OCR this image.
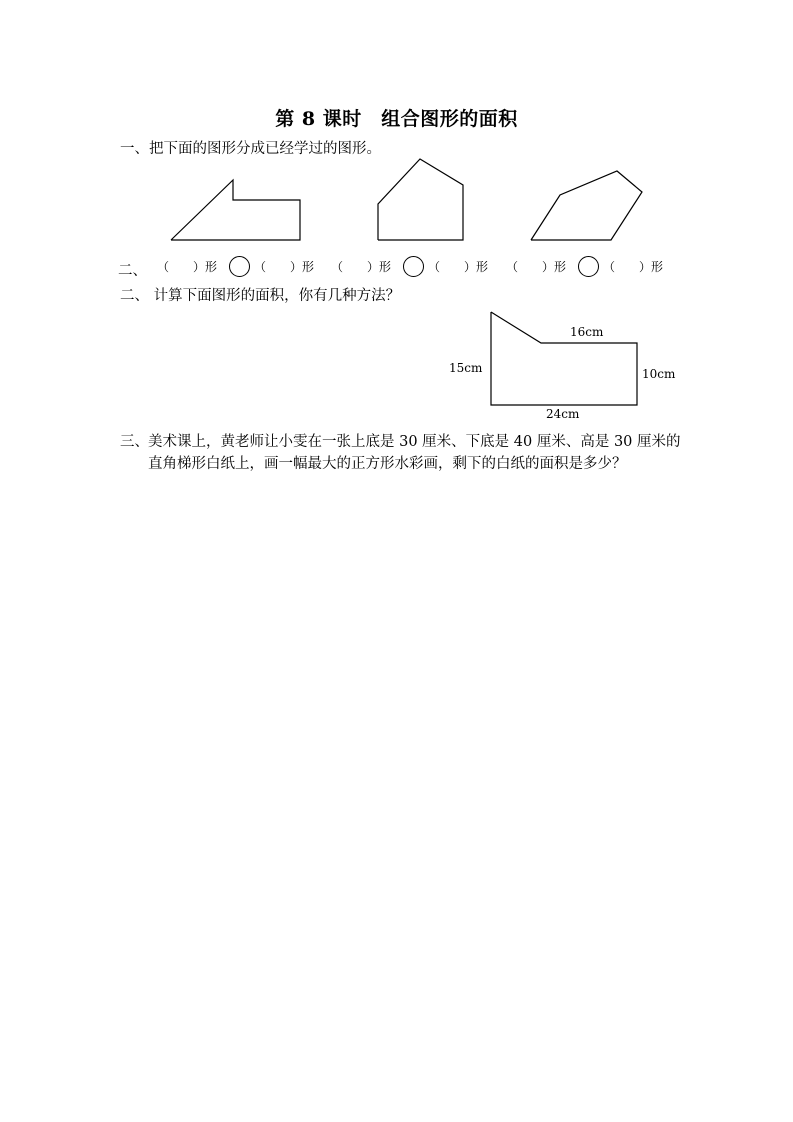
第 8 课时　组合图形的面积
一、把下面的图形分成已经学过的图形。
二、 （　　）形	（　　）形 （　　）形	（　　）形 （　　）形	（　　）形
二、 计算下面图形的面积，你有几种方法？
16cm
15cm	10cm
24cm
三、 美术课上，黄老师让小雯在一张上底是 30 厘米、下底是 40 厘米、高是 30 厘米的直角梯形白纸上，画一幅最大的正方形水彩画，剩下的白纸的面积是多少？
